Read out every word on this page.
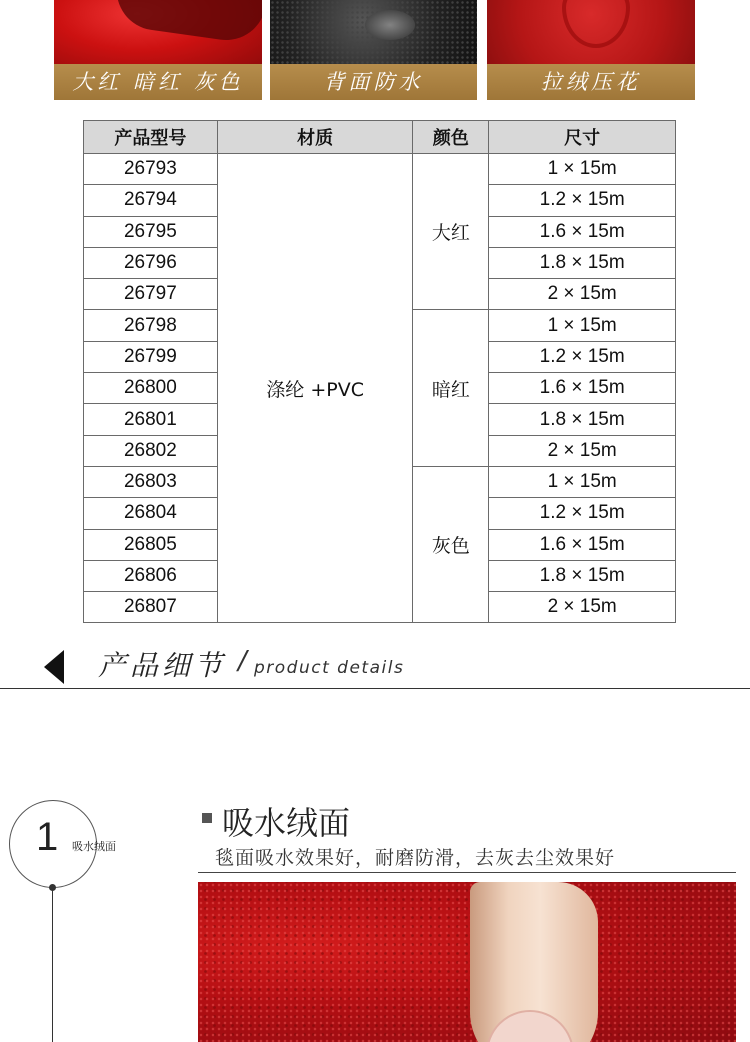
大红 暗红 灰色	背面防水	拉绒压花
产品型号	材质	颜色	尺寸
26793	涤纶 +PVC	大红	1 × 15m
26794			1.2 × 15m
26795			1.6 × 15m
26796			1.8 × 15m
26797			2 × 15m
26798		暗红	1 × 15m
26799			1.2 × 15m
26800			1.6 × 15m
26801			1.8 × 15m
26802			2 × 15m
26803		灰色	1 × 15m
26804			1.2 × 15m
26805			1.6 × 15m
26806			1.8 × 15m
26807			2 × 15m
产品细节 / product details
1 吸水绒面
吸水绒面
毯面吸水效果好，耐磨防滑，去灰去尘效果好
